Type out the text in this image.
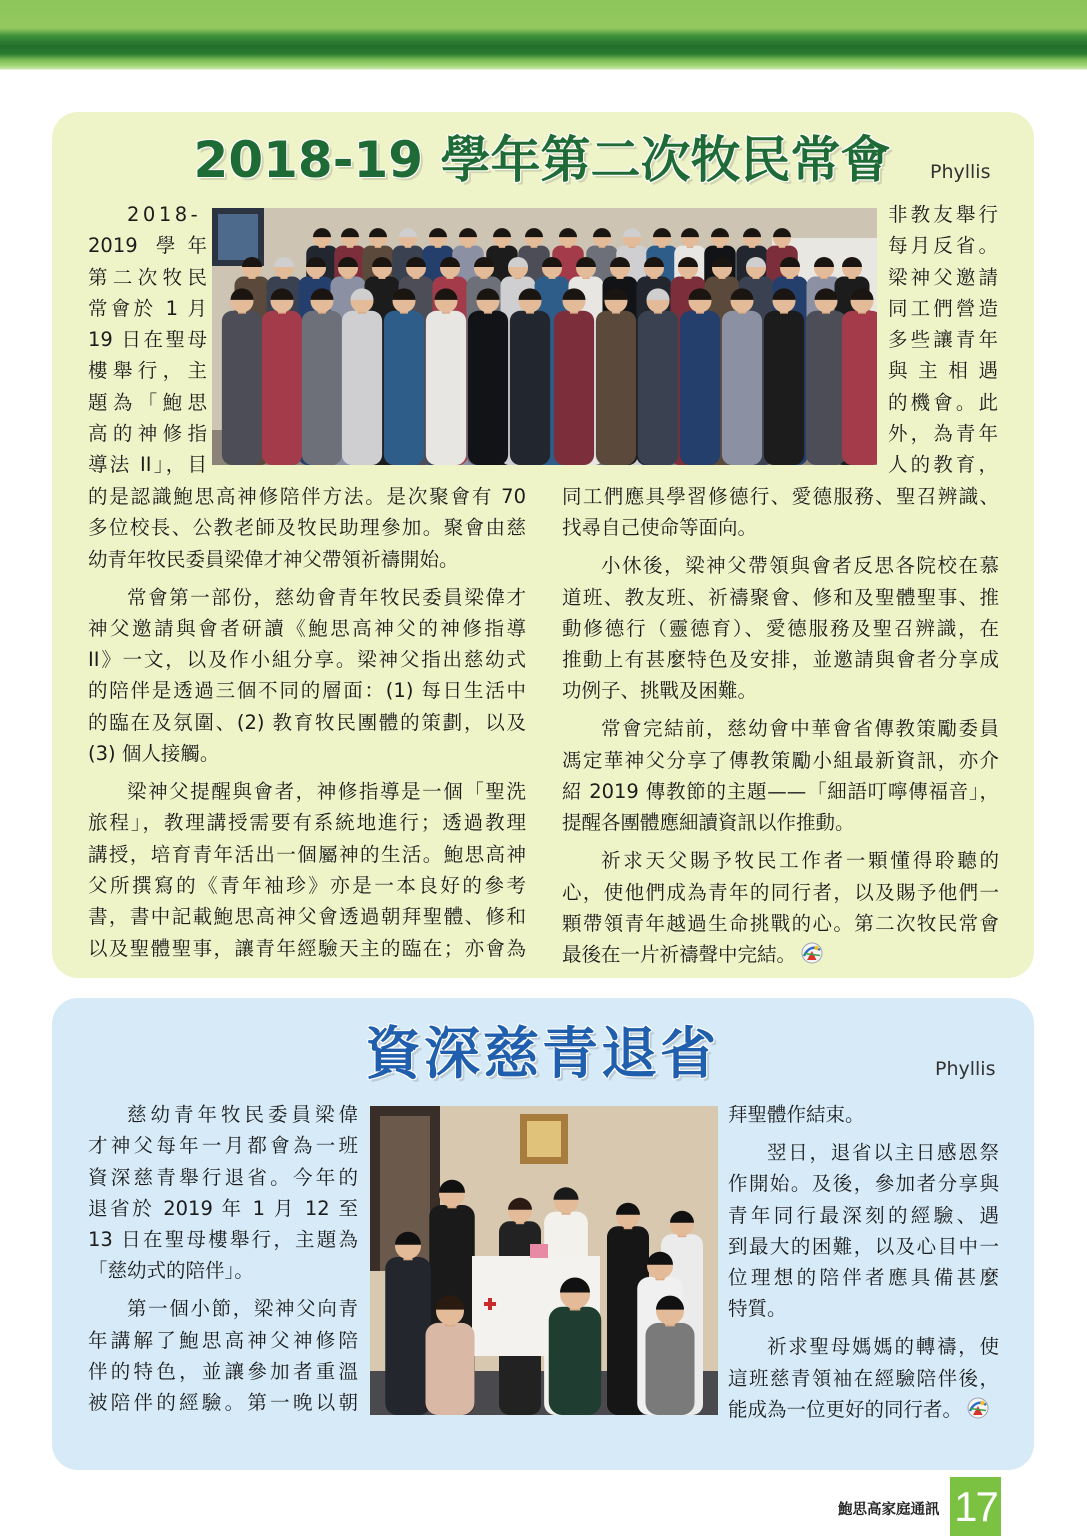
2018-19 學年第二次牧民常會	Phyllis
2018-
2019 學年
第二次牧民
常會於 1 月
19 日在聖母
樓舉行，主
題為「鮑思
高的神修指
導法 II」，目
非教友舉行
每月反省。
梁神父邀請
同工們營造
多些讓青年
與主相遇
的機會。此
外，為青年
人的教育，
的是認識鮑思高神修陪伴方法。是次聚會有 70
多位校長、公教老師及牧民助理參加。聚會由慈
幼青年牧民委員梁偉才神父帶領祈禱開始。
常會第一部份，慈幼會青年牧民委員梁偉才
神父邀請與會者研讀《鮑思高神父的神修指導
II》一文，以及作小組分享。梁神父指出慈幼式
的陪伴是透過三個不同的層面：(1) 每日生活中
的臨在及氛圍、(2) 教育牧民團體的策劃，以及
(3) 個人接觸。
梁神父提醒與會者，神修指導是一個「聖洗
旅程」，教理講授需要有系統地進行；透過教理
講授，培育青年活出一個屬神的生活。鮑思高神
父所撰寫的《青年袖珍》亦是一本良好的參考
書，書中記載鮑思高神父會透過朝拜聖體、修和
以及聖體聖事，讓青年經驗天主的臨在；亦會為
同工們應具學習修德行、愛德服務、聖召辨識、
找尋自己使命等面向。
小休後，梁神父帶領與會者反思各院校在慕
道班、教友班、祈禱聚會、修和及聖體聖事、推
動修德行（靈德育）、愛德服務及聖召辨識，在
推動上有甚麼特色及安排，並邀請與會者分享成
功例子、挑戰及困難。
常會完結前，慈幼會中華會省傳教策勵委員
馮定華神父分享了傳教策勵小組最新資訊，亦介
紹 2019 傳教節的主題——「細語叮嚀傳福音」，
提醒各團體應細讀資訊以作推動。
祈求天父賜予牧民工作者一顆懂得聆聽的
心，使他們成為青年的同行者，以及賜予他們一
顆帶領青年越過生命挑戰的心。第二次牧民常會
最後在一片祈禱聲中完結。
資深慈青退省	Phyllis
慈幼青年牧民委員梁偉
才神父每年一月都會為一班
資深慈青舉行退省。今年的
退省於 2019 年 1 月 12 至
13 日在聖母樓舉行，主題為
「慈幼式的陪伴」。
第一個小節，梁神父向青
年講解了鮑思高神父神修陪
伴的特色，並讓參加者重溫
被陪伴的經驗。第一晚以朝
拜聖體作結束。
翌日，退省以主日感恩祭
作開始。及後，參加者分享與
青年同行最深刻的經驗、遇
到最大的困難，以及心目中一
位理想的陪伴者應具備甚麼
特質。
祈求聖母媽媽的轉禱，使
這班慈青領袖在經驗陪伴後，
能成為一位更好的同行者。
鮑思高家庭通訊 17
